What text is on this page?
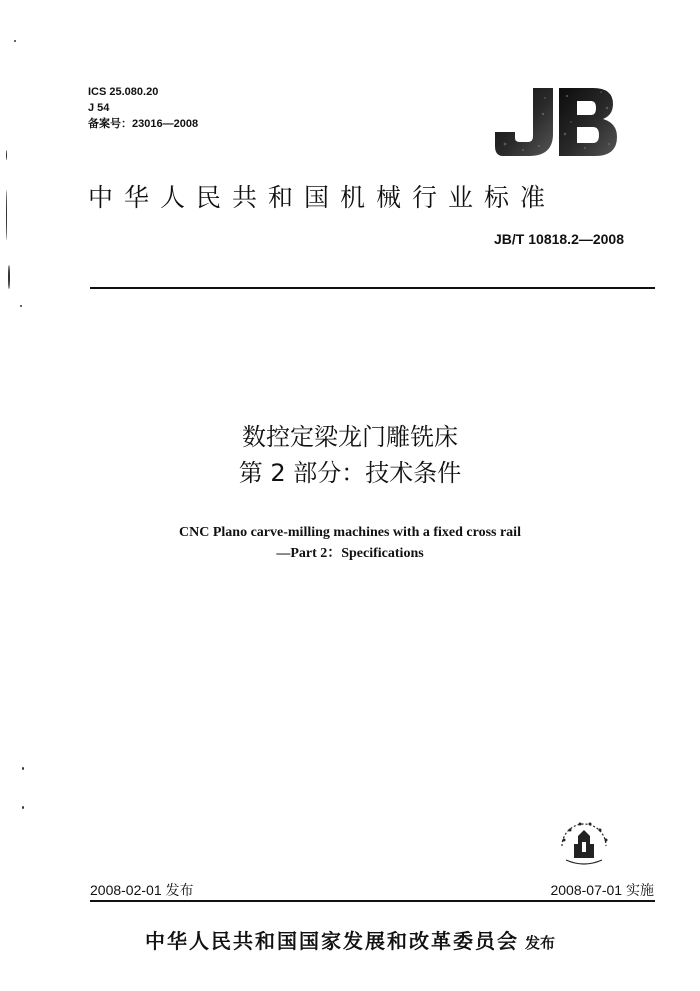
ICS 25.080.20
J 54
备案号：23016—2008
中华人民共和国机械行业标准
JB/T 10818.2—2008
数控定梁龙门雕铣床
第 2 部分：技术条件
CNC Plano carve-milling machines with a fixed cross rail
—Part 2：Specifications
2008-02-01 发布	2008-07-01 实施
中华人民共和国国家发展和改革委员会 发布
